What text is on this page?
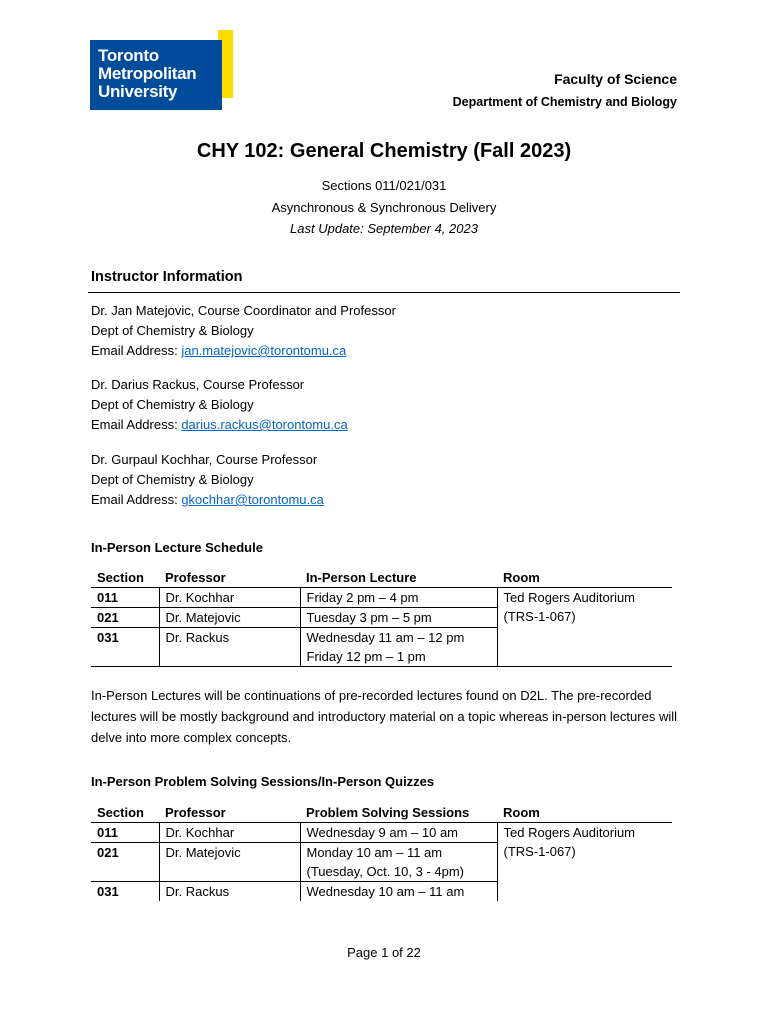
Toronto
Metropolitan
University
Faculty of Science
Department of Chemistry and Biology
CHY 102: General Chemistry (Fall 2023)
Sections 011/021/031
Asynchronous & Synchronous Delivery
Last Update: September 4, 2023
Instructor Information
Dr. Jan Matejovic, Course Coordinator and Professor
Dept of Chemistry & Biology
Email Address: jan.matejovic@torontomu.ca
Dr. Darius Rackus, Course Professor
Dept of Chemistry & Biology
Email Address: darius.rackus@torontomu.ca
Dr. Gurpaul Kochhar, Course Professor
Dept of Chemistry & Biology
Email Address: gkochhar@torontomu.ca
In-Person Lecture Schedule
Section	Professor	In-Person Lecture	Room
011	Dr. Kochhar	Friday 2 pm – 4 pm	Ted Rogers Auditorium
(TRS-1-067)

021	Dr. Matejovic	Tuesday 3 pm – 5 pm	

031	Dr. Rackus	Wednesday 11 am – 12 pm
Friday 12 pm – 1 pm	
In-Person Lectures will be continuations of pre-recorded lectures found on D2L. The pre-recorded lectures will be mostly background and introductory material on a topic whereas in-person lectures will delve into more complex concepts.
In-Person Problem Solving Sessions/In-Person Quizzes
Section	Professor	Problem Solving Sessions	Room
011	Dr. Kochhar	Wednesday 9 am – 10 am	Ted Rogers Auditorium
(TRS-1-067)

021	Dr. Matejovic	Monday 10 am – 11 am
(Tuesday, Oct. 10, 3 - 4pm)	

031	Dr. Rackus	Wednesday 10 am – 11 am	
Page 1 of 22
